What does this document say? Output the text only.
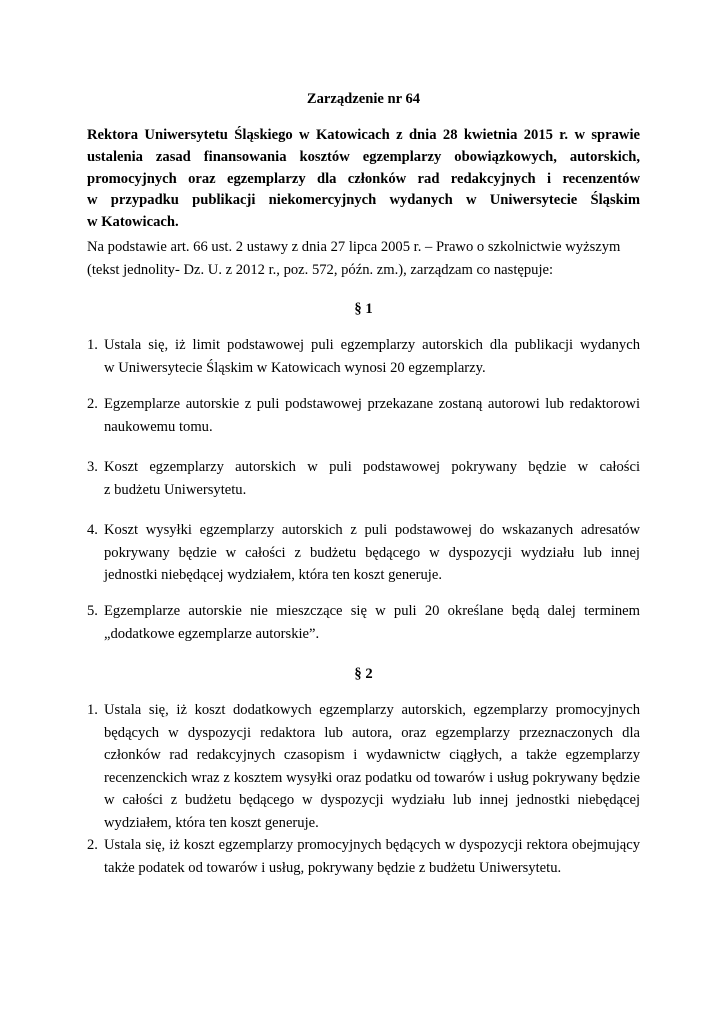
Zarządzenie nr 64
Rektora Uniwersytetu Śląskiego w Katowicach z dnia 28 kwietnia 2015 r. w sprawie
ustalenia zasad finansowania kosztów egzemplarzy obowiązkowych, autorskich,
promocyjnych oraz egzemplarzy dla członków rad redakcyjnych i recenzentów
w przypadku publikacji niekomercyjnych wydanych w Uniwersytecie Śląskim
w Katowicach.
Na podstawie art. 66 ust. 2 ustawy z dnia 27 lipca 2005 r. – Prawo o szkolnictwie wyższym
(tekst jednolity- Dz. U. z 2012 r., poz. 572, późn. zm.), zarządzam co następuje:
§ 1
1. Ustala się, iż limit podstawowej puli egzemplarzy autorskich dla publikacji wydanych
w Uniwersytecie Śląskim w Katowicach wynosi 20 egzemplarzy.
2. Egzemplarze autorskie z puli podstawowej przekazane zostaną autorowi lub redaktorowi
naukowemu tomu.
3. Koszt egzemplarzy autorskich w puli podstawowej pokrywany będzie w całości
z budżetu Uniwersytetu.
4. Koszt wysyłki egzemplarzy autorskich z puli podstawowej do wskazanych adresatów
pokrywany będzie w całości z budżetu będącego w dyspozycji wydziału lub innej
jednostki niebędącej wydziałem, która ten koszt generuje.
5. Egzemplarze autorskie nie mieszczące się w puli 20 określane będą dalej terminem
„dodatkowe egzemplarze autorskie”.
§ 2
1. Ustala się, iż koszt dodatkowych egzemplarzy autorskich, egzemplarzy promocyjnych
będących w dyspozycji redaktora lub autora, oraz egzemplarzy przeznaczonych dla
członków rad redakcyjnych czasopism i wydawnictw ciągłych, a także egzemplarzy
recenzenckich wraz z kosztem wysyłki oraz podatku od towarów i usług pokrywany będzie
w całości z budżetu będącego w dyspozycji wydziału lub innej jednostki niebędącej
wydziałem, która ten koszt generuje.
2. Ustala się, iż koszt egzemplarzy promocyjnych będących w dyspozycji rektora obejmujący
także podatek od towarów i usług, pokrywany będzie z budżetu Uniwersytetu.
